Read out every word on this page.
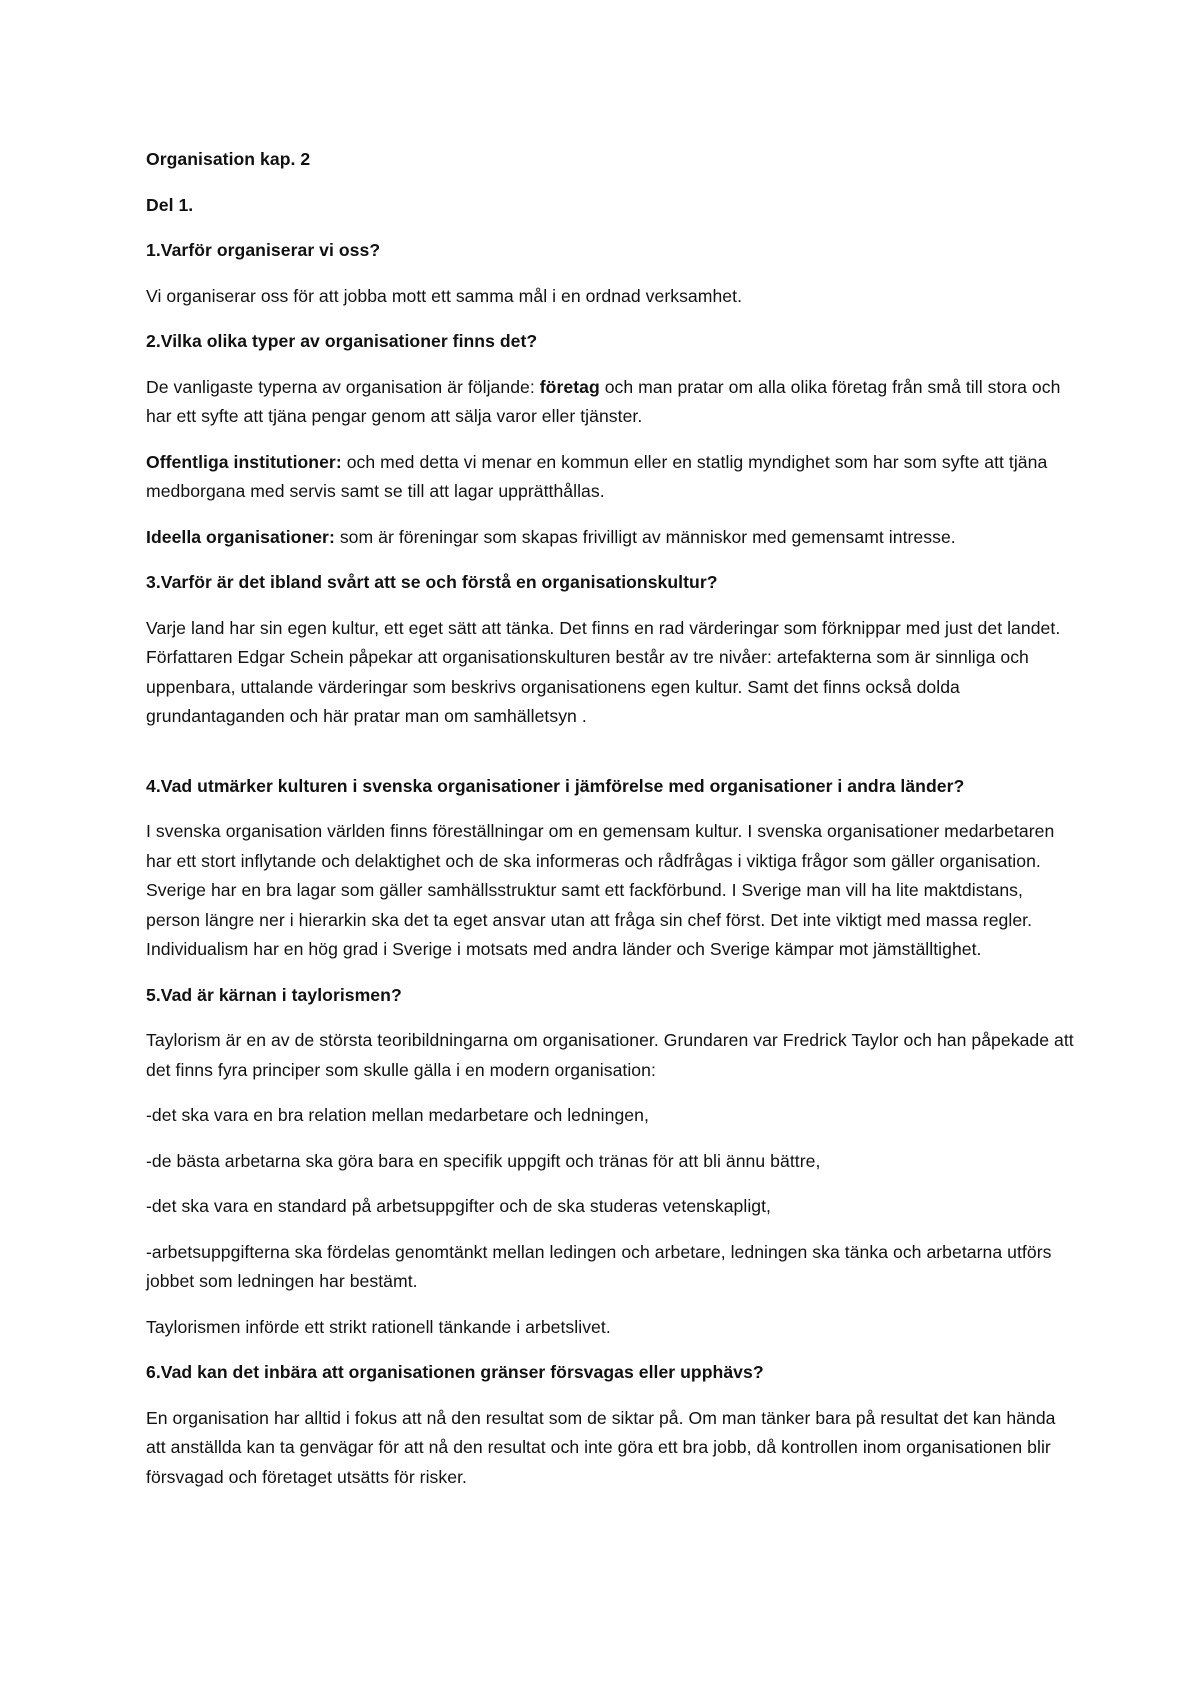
Organisation kap. 2

Del 1.

1.Varför organiserar vi oss?

Vi organiserar oss för att jobba mott ett samma mål i en ordnad verksamhet.

2.Vilka olika typer av organisationer finns det?

De vanligaste typerna av organisation är följande: företag och man pratar om alla olika företag från små till stora och har ett syfte att tjäna pengar genom att sälja varor eller tjänster.

Offentliga institutioner: och med detta vi menar en kommun eller en statlig myndighet som har som syfte att tjäna medborgana med servis samt se till att lagar upprätthållas.

Ideella organisationer: som är föreningar som skapas frivilligt av människor med gemensamt intresse.

3.Varför är det ibland svårt att se och förstå en organisationskultur?

Varje land har sin egen kultur, ett eget sätt att tänka. Det finns en rad värderingar som förknippar med just det landet. Författaren Edgar Schein påpekar att organisationskulturen består av tre nivåer: artefakterna som är sinnliga och uppenbara, uttalande värderingar som beskrivs organisationens egen kultur. Samt det finns också dolda grundantaganden och här pratar man om samhälletsyn .

4.Vad utmärker kulturen i svenska organisationer i jämförelse med organisationer i andra länder?

I svenska organisation världen finns föreställningar om en gemensam kultur. I svenska organisationer medarbetaren har ett stort inflytande och delaktighet och de ska informeras och rådfrågas i viktiga frågor som gäller organisation. Sverige har en bra lagar som gäller samhällsstruktur samt ett fackförbund. I Sverige man vill ha lite maktdistans, person längre ner i hierarkin ska det ta eget ansvar utan att fråga sin chef först. Det inte viktigt med massa regler. Individualism har en hög grad i Sverige i motsats med andra länder och Sverige kämpar mot jämställtighet.

5.Vad är kärnan i taylorismen?

Taylorism är en av de största teoribildningarna om organisationer. Grundaren var Fredrick Taylor och han påpekade att det finns fyra principer som skulle gälla i en modern organisation:

-det ska vara en bra relation mellan medarbetare och ledningen,

-de bästa arbetarna ska göra bara en specifik uppgift och tränas för att bli ännu bättre,

-det ska vara en standard på arbetsuppgifter och de ska studeras vetenskapligt,

-arbetsuppgifterna ska fördelas genomtänkt mellan ledingen och arbetare, ledningen ska tänka och arbetarna utförs jobbet som ledningen har bestämt.

Taylorismen införde ett strikt rationell tänkande i arbetslivet.

6.Vad kan det inbära att organisationen gränser försvagas eller upphävs?

En organisation har alltid i fokus att nå den resultat som de siktar på. Om man tänker bara på resultat det kan hända att anställda kan ta genvägar för att nå den resultat och inte göra ett bra jobb, då kontrollen inom organisationen blir försvagad och företaget utsätts för risker.
